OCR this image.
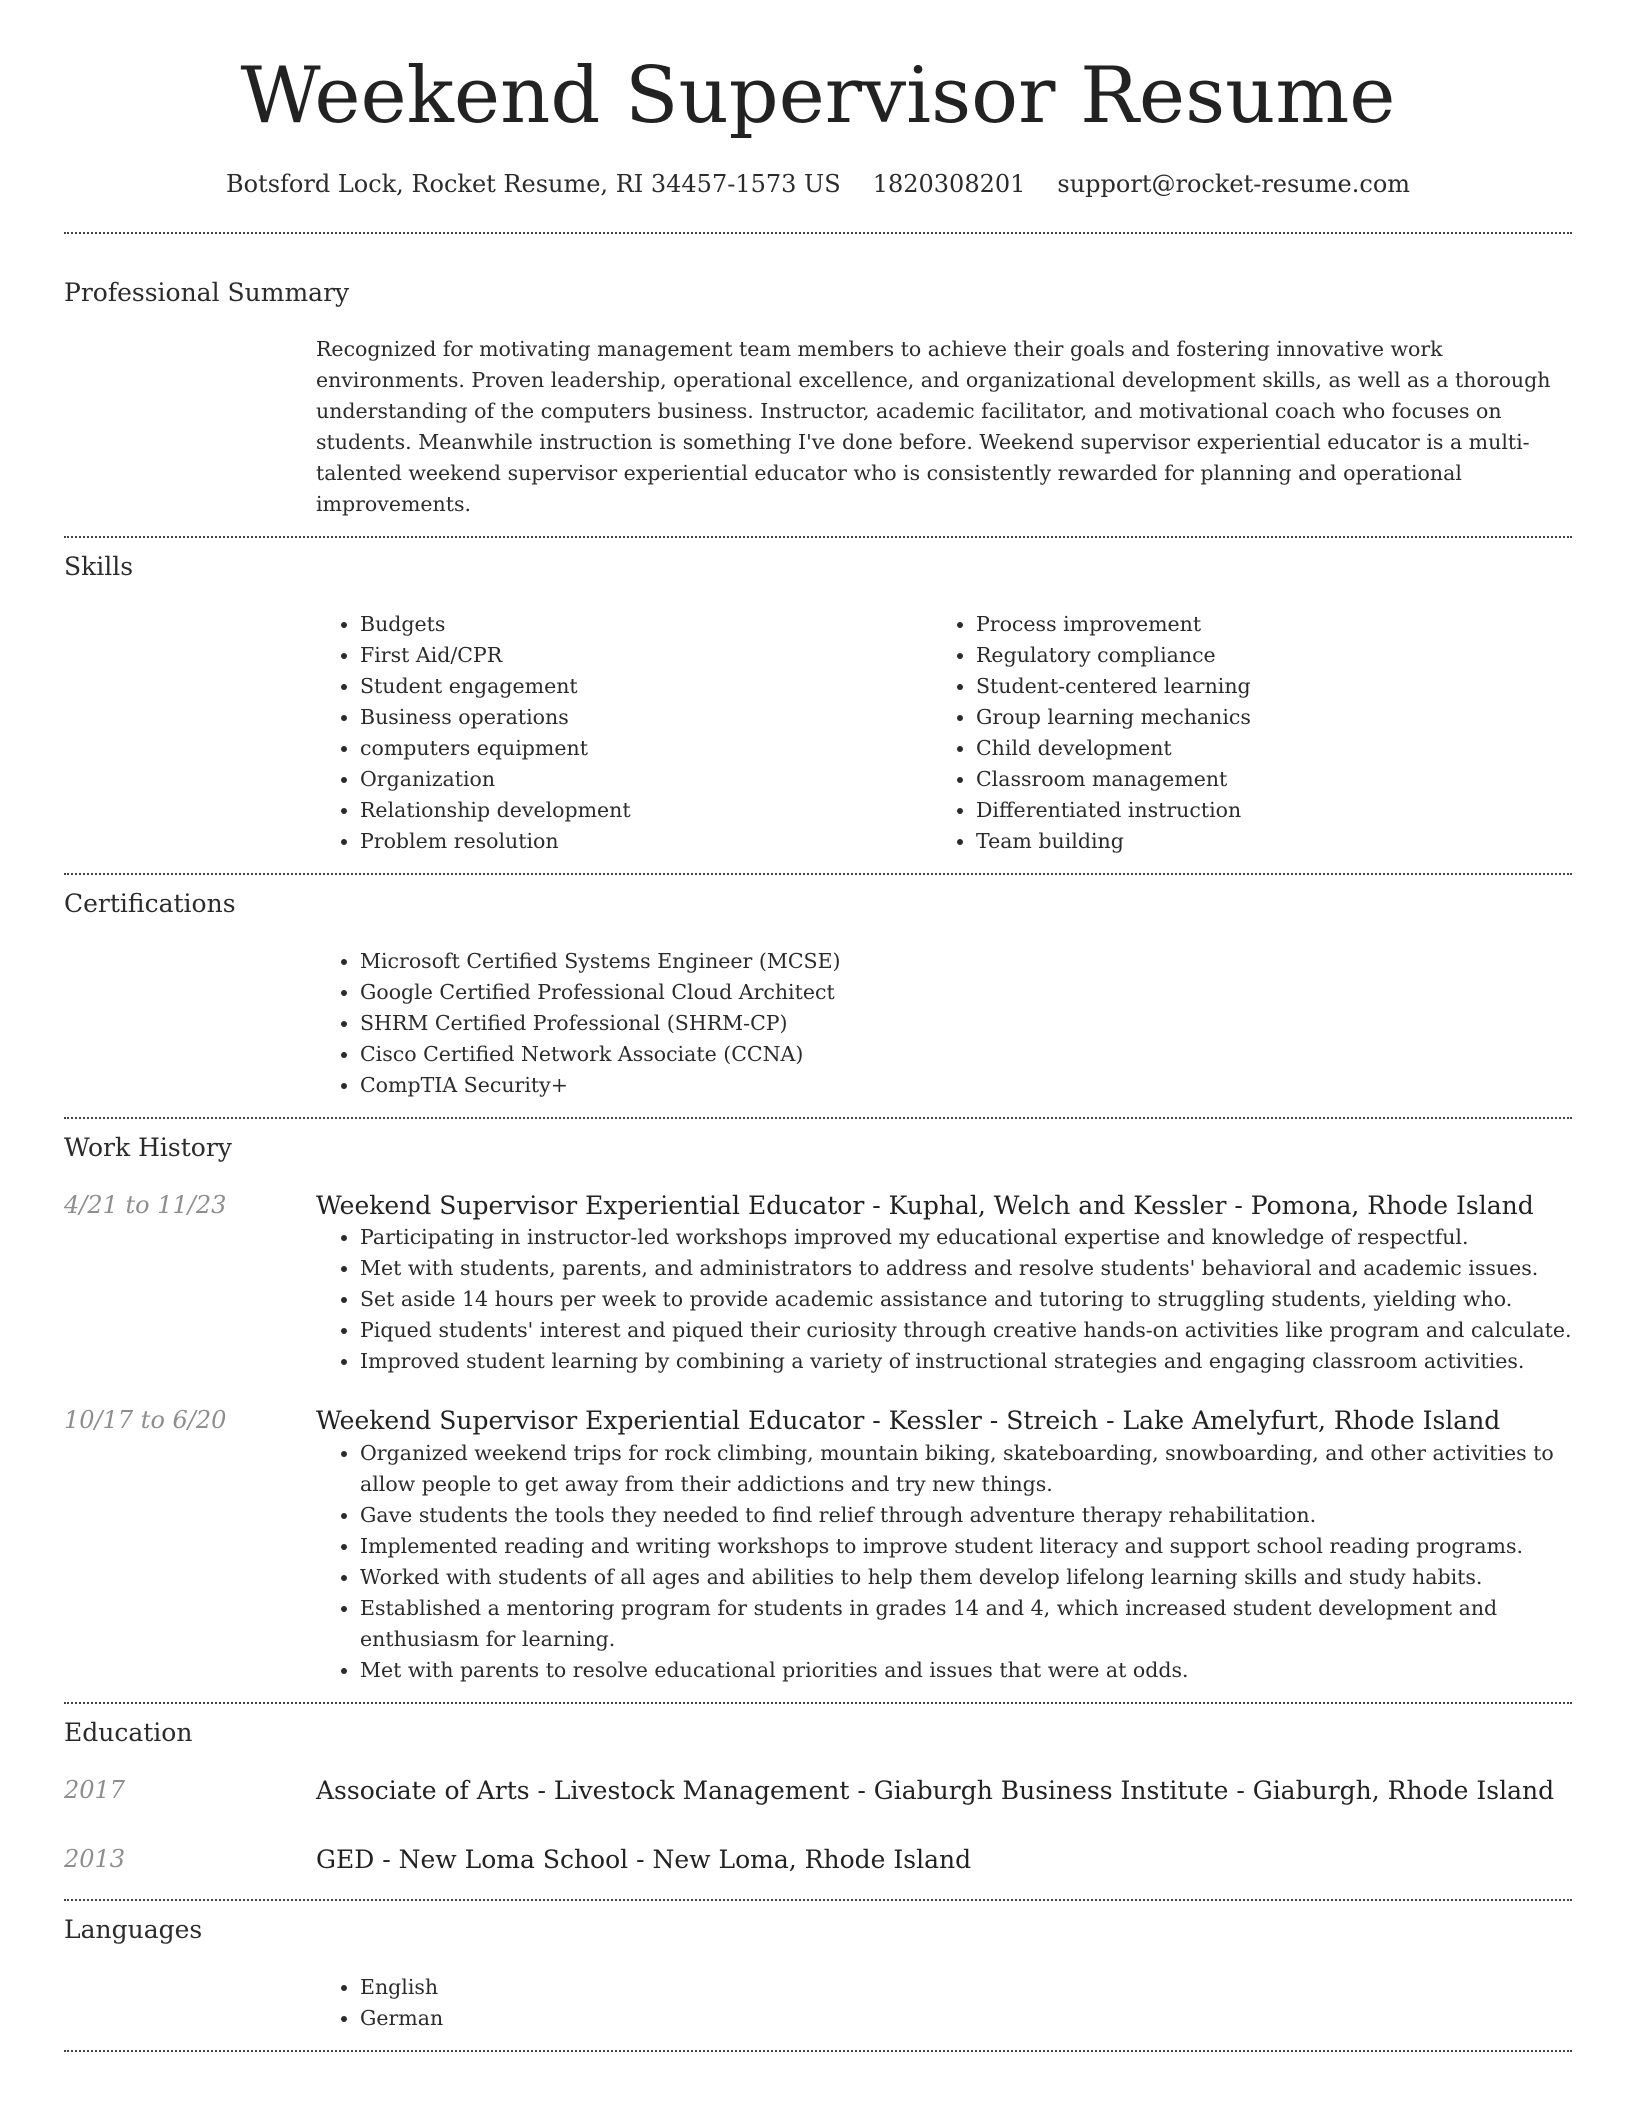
Weekend Supervisor Resume
Botsford Lock, Rocket Resume, RI 34457-1573 US 1820308201 support@rocket-resume.com
Professional Summary
Recognized for motivating management team members to achieve their goals and fostering innovative work environments. Proven leadership, operational excellence, and organizational development skills, as well as a thorough understanding of the computers business. Instructor, academic facilitator, and motivational coach who focuses on students. Meanwhile instruction is something I've done before. Weekend supervisor experiential educator is a multi-talented weekend supervisor experiential educator who is consistently rewarded for planning and operational improvements.
Skills
• Budgets
• First Aid/CPR
• Student engagement
• Business operations
• computers equipment
• Organization
• Relationship development
• Problem resolution
• Process improvement
• Regulatory compliance
• Student-centered learning
• Group learning mechanics
• Child development
• Classroom management
• Differentiated instruction
• Team building
Certifications
• Microsoft Certified Systems Engineer (MCSE)
• Google Certified Professional Cloud Architect
• SHRM Certified Professional (SHRM-CP)
• Cisco Certified Network Associate (CCNA)
• CompTIA Security+
Work History
4/21 to 11/23	Weekend Supervisor Experiential Educator - Kuphal, Welch and Kessler - Pomona, Rhode Island
• Participating in instructor-led workshops improved my educational expertise and knowledge of respectful.
• Met with students, parents, and administrators to address and resolve students' behavioral and academic issues.
• Set aside 14 hours per week to provide academic assistance and tutoring to struggling students, yielding who.
• Piqued students' interest and piqued their curiosity through creative hands-on activities like program and calculate.
• Improved student learning by combining a variety of instructional strategies and engaging classroom activities.
10/17 to 6/20	Weekend Supervisor Experiential Educator - Kessler - Streich - Lake Amelyfurt, Rhode Island
• Organized weekend trips for rock climbing, mountain biking, skateboarding, snowboarding, and other activities to allow people to get away from their addictions and try new things.
• Gave students the tools they needed to find relief through adventure therapy rehabilitation.
• Implemented reading and writing workshops to improve student literacy and support school reading programs.
• Worked with students of all ages and abilities to help them develop lifelong learning skills and study habits.
• Established a mentoring program for students in grades 14 and 4, which increased student development and enthusiasm for learning.
• Met with parents to resolve educational priorities and issues that were at odds.
Education
2017	Associate of Arts - Livestock Management - Giaburgh Business Institute - Giaburgh, Rhode Island
2013	GED - New Loma School - New Loma, Rhode Island
Languages
• English
• German
